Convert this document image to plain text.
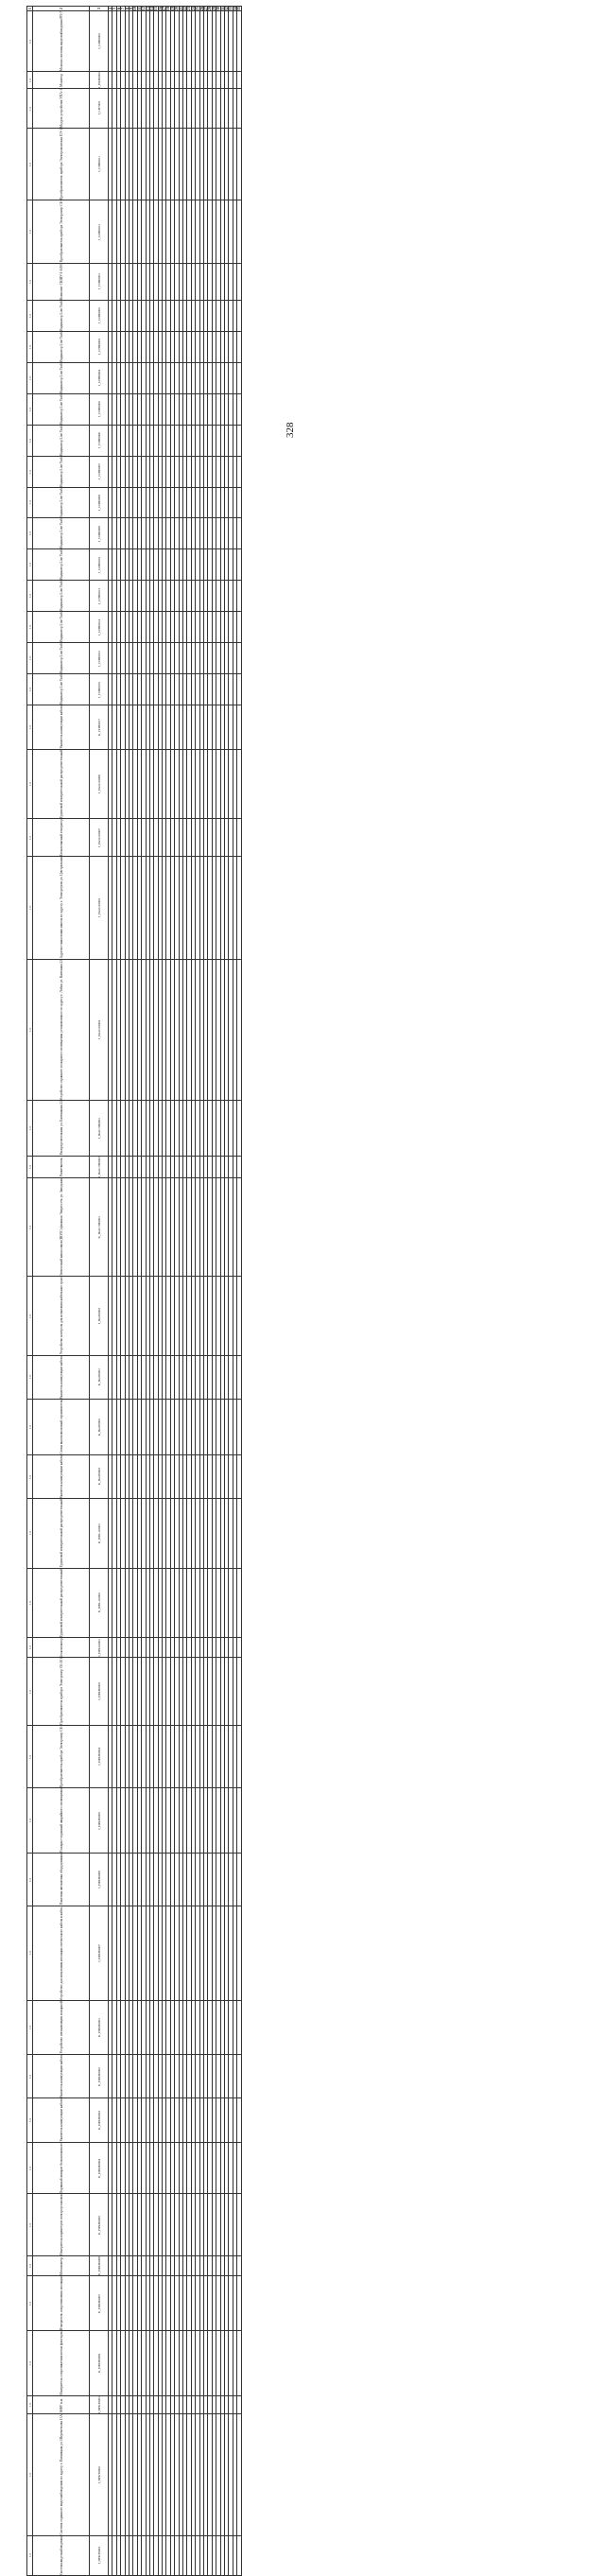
328
1	2	3	4	5	6	7	8	9	10	11	12	13	14	15	16	17	18	19	20	21	22	23	24	25	26	27	28	29	30	31	32	33	34	35

1.6	Монтаж системы видеонаблюдения РП-7	I_CНВ0002																																	

1.6	Монитор	I_ПКН0002																																	

1.6	Модуль устройства УПА-1	I_СН7003																																	

1.6	Преобразователь прибора Электромонтажа ПЭ-1	I_СНП0011																																	

1.6	Преобразователь прибора Электромер СЕ-	I_СНП0012																																	

1.6	Комплект СКШУ-1-1650	I_СНП0001																																	

1.6	Индикатор Line Trafi	I_СНП0002																																	

1.6	Индикатор Line Trafi	I_СНП0003																																	

1.6	Индикатор Line Trafi	I_СНП0004																																	

1.6	Индикатор Line Trafi	I_СНП0005																																	

1.6	Индикатор Line Trafi	I_СНП0006																																	

1.6	Индикатор Line Trafi	I_СНП0007																																	

1.6	Индикатор Line Trafi	I_СНП0008																																	

1.6	Индикатор Line Trafi	I_СНП0009																																	

1.6	Индикатор Line Trafi	I_СНП0010																																	

1.6	Индикатор Line Trafi	I_СНП0013																																	

1.6	Индикатор Line Trafi	I_СНП0014																																	

1.6	Индикатор Line Trafi	I_СНП0015																																	

1.6	Индикатор Line Trafi	I_СНП0016																																	

1.6	Указатель коммутации кабеля	K_СНП0017																																	

1.6	Групповой измерительный распределительный	I_ПизСЛ0006																																	

1.6	Бесконтактный генератор	I_ПизСЛ0007																																	

1.6	Адресно-аналоговая панель по адресу г. Электроугли ул. Центральная	I_ПизСЛ0003																																	

1.6	Устройство охранного пожарного оповещения установленное по адресу г. Лобня ул. Катюшки 22	I_ПизСЛ0004																																	

1.6	Распределительная ул. Батюшкова 22	I_ПизСЭН0001																																	

1.6	Разветвитель	I_ПизСЭН0002																																	

1.6	Оптический канал связи (ВОЛС) филиала Энергосеть ул. Заводская	K_ПизСЭН0001																																	

1.6	Устройство контроля для испытания кабельных трасс	I_ПизР0003																																	

1.6	Указатель коммутации кабеля	K_ПизР0001																																	

1.6	Схема высоковольтный ограничитель	K_ПизР0002																																	

1.6	Указатель коммутации кабеля	K_ПизР0003																																	

1.6	Групповой измерительный распределительный	K_ПРК-А0001																																	

1.6	Групповой измерительный распределительный	K_ПРК-А0002																																	

1.6	Бесконтактор	I_ПРКА0001																																	

1.6	Преобразователь прибора Электромер СЕ-201	I_ПРКП0003																																	

1.6	Преобразователь прибора Электромер СЕ-	I_ПРКП0004																																	

1.6	Пожарно-охранный аварийного оповещения	I_ПРКП0005																																	

1.6	Пакетная автоматика оборудования	I_ПРКП0006																																	

1.6	Устройство для испытания изоляции оптического кабеля в кабел.	I_ПРКП0007																																	

1.6	Устройство сигнализации пожарной	K_ПРКП0001																																	

1.6	Указатель коммутации кабеля	K_ПРКП0002																																	

1.6	Указатель коммутации кабеля	K_ПРКП0003																																	

1.6	Охранный аппарат бесконтактного	K_ПРКП0004																																	

1.6	Измеритель параметров электроустановок	K_ПРКП0005																																	

1.6	Мегаомметр	K_ПРКП0006																																	

1.6	Измеритель сопротивления изоляции	K_ПРКП0007																																	

1.6	Измеритель сопротивления петли фаза-нуль	K_ПРКП0008																																	

1.6	МФУ в.м.	I_ПРКТ0001																																	

1.6	Система охранного видеонаблюдения по адресу г. Пятницкая ул. Шереметьева 13А	I_ПРКТ0002																																	

1.6	Система видеонаблюдения	I_ПРКТ0003																																	
